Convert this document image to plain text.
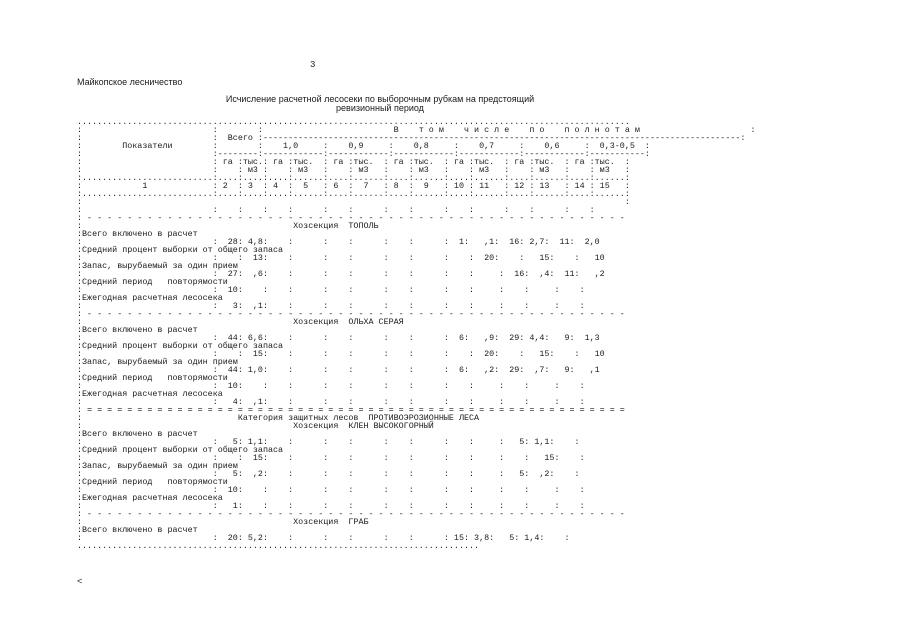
3
Майкопское лесничество
Исчисление расчетной лесосеки по выборочным рубкам на предстоящий
ревизионный период
..............................................................................................................
:                          :        :                          В    т о м    ч и с л е    п о    п о л н о т а м                      :
:                          :  Всего :-----------------------------------------------------------------------------------------------:
:        Показатели        :        :    1,0     :    0,9     :    0,8     :    0,7     :    0,6     :  0,3-0,5  :
:                          :--------:------------:------------:------------:------------:------------:-----------:
:                          : га :тыс.: га :тыс.  : га :тыс.  : га :тыс.  : га :тыс.  : га :тыс.  : га :тыс.  :
:                          :    : м3 :    : м3   :    : м3   :    : м3   :    : м3   :    : м3   :    : м3   :
:..........................:....:....:....:......:....:......:....:......:....:......:....:......:....:......:
:            1             : 2  : 3  : 4  :  5   : 6  :  7   : 8  :  9   : 10 : 11   : 12 : 13   : 14 : 15   :
:..........................:....:....:....:......:....:......:....:......:....:......:....:......:....:......:
:                                                                                                            :
:                          :    :    :    :      :    :      :    :      :    :      :    :      :    :
: - - - - - - - - - - - - - - - - - - - - - - - - - - - - - - - - - - - - - - - - - - - - - - - - - - - - - -
:                                          Хозсекция  ТОПОЛЬ
:Всего включено в расчет
:                          :  28: 4,8:    :      :    :      :    :      :  1:   ,1:  16: 2,7:  11:  2,0
:Средний процент выборки от общего запаса
:                          :    :  13:    :      :    :      :    :      :    :  20:    :   15:    :   10
:Запас, вырубаемый за один прием
:                          :  27:  ,6:    :      :    :      :    :      :    :     :  16:  ,4:  11:   ,2
:Средний период   повторямости
:                          :  10:    :    :      :    :      :    :      :    :     :    :     :    :
:Ежегодная расчетная лесосека
:                          :   3:  ,1:    :      :    :      :    :      :    :     :    :     :    :
: - - - - - - - - - - - - - - - - - - - - - - - - - - - - - - - - - - - - - - - - - - - - - - - - - - - - - -
:                                          Хозсекция  ОЛЬХА СЕРАЯ
:Всего включено в расчет
:                          :  44: 6,6:    :      :    :      :    :      :  6:   ,9:  29: 4,4:   9:  1,3
:Средний процент выборки от общего запаса
:                          :    :  15:    :      :    :      :    :      :    :  20:    :   15:    :   10
:Запас, вырубаемый за один прием
:                          :  44: 1,0:    :      :    :      :    :      :  6:   ,2:  29:  ,7:   9:   ,1
:Средний период   повторямости
:                          :  10:    :    :      :    :      :    :      :    :     :    :     :    :
:Ежегодная расчетная лесосека
:                          :   4:  ,1:    :      :    :      :    :      :    :     :    :     :    :
: = = = = = = = = = = = = = = = = = = = = = = = = = = = = = = = = = = = = = = = = = = = = = = = = = = = = = =
:                               Категория защитных лесов  ПРОТИВОЭРОЗИОННЫЕ ЛЕСА
:                                          Хозсекция  КЛЕН ВЫСОКОГОРНЫЙ
:Всего включено в расчет
:                          :   5: 1,1:    :      :    :      :    :      :    :     :   5: 1,1:    :
:Средний процент выборки от общего запаса
:                          :    :  15:    :      :    :      :    :      :    :     :    :   15:    :
:Запас, вырубаемый за один прием
:                          :   5:  ,2:    :      :    :      :    :      :    :     :   5:  ,2:    :
:Средний период   повторямости
:                          :  10:    :    :      :    :      :    :      :    :     :    :     :    :
:Ежегодная расчетная лесосека
:                          :   1:    :    :      :    :      :    :      :    :     :    :     :    :
: - - - - - - - - - - - - - - - - - - - - - - - - - - - - - - - - - - - - - - - - - - - - - - - - - - - - - -
:                                          Хозсекция  ГРАБ
:Всего включено в расчет
:                          :  20: 5,2:    :      :    :      :    :      : 15: 3,8:   5: 1,4:    :
................................................................................
<
